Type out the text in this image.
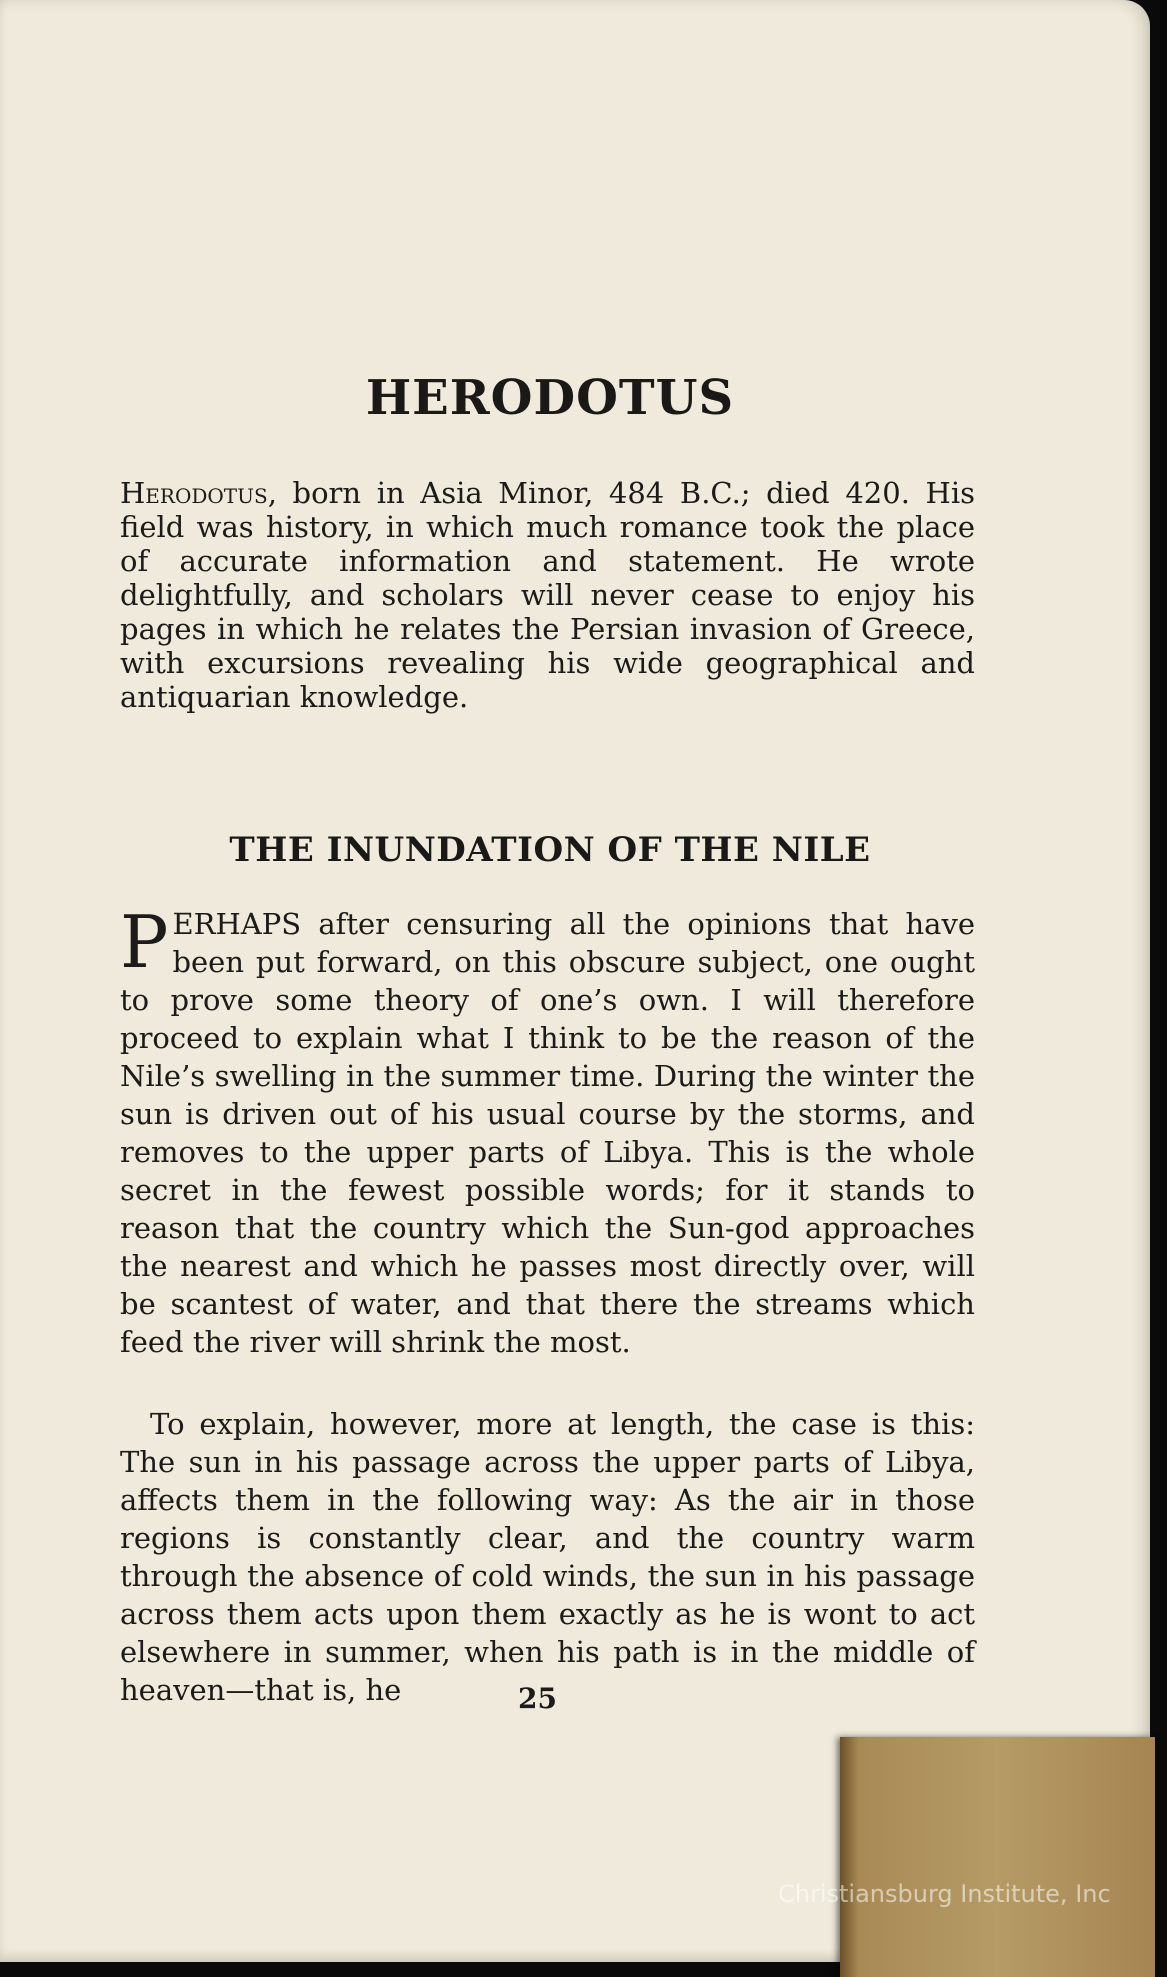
HERODOTUS

Herodotus, born in Asia Minor, 484 B.C.; died 420. His field was history, in which much romance took the place of accurate information and statement. He wrote delightfully, and scholars will never cease to enjoy his pages in which he relates the Persian invasion of Greece, with excursions revealing his wide geographical and antiquarian knowledge.

THE INUNDATION OF THE NILE

PERHAPS after censuring all the opinions that have been put forward, on this obscure subject, one ought to prove some theory of one’s own. I will therefore proceed to explain what I think to be the reason of the Nile’s swelling in the summer time. During the winter the sun is driven out of his usual course by the storms, and removes to the upper parts of Libya. This is the whole secret in the fewest possible words; for it stands to reason that the country which the Sun-god approaches the nearest and which he passes most directly over, will be scantest of water, and that there the streams which feed the river will shrink the most.

To explain, however, more at length, the case is this: The sun in his passage across the upper parts of Libya, affects them in the following way: As the air in those regions is constantly clear, and the country warm through the absence of cold winds, the sun in his passage across them acts upon them exactly as he is wont to act elsewhere in summer, when his path is in the middle of heaven—that is, he	25
Christiansburg Institute, Inc
